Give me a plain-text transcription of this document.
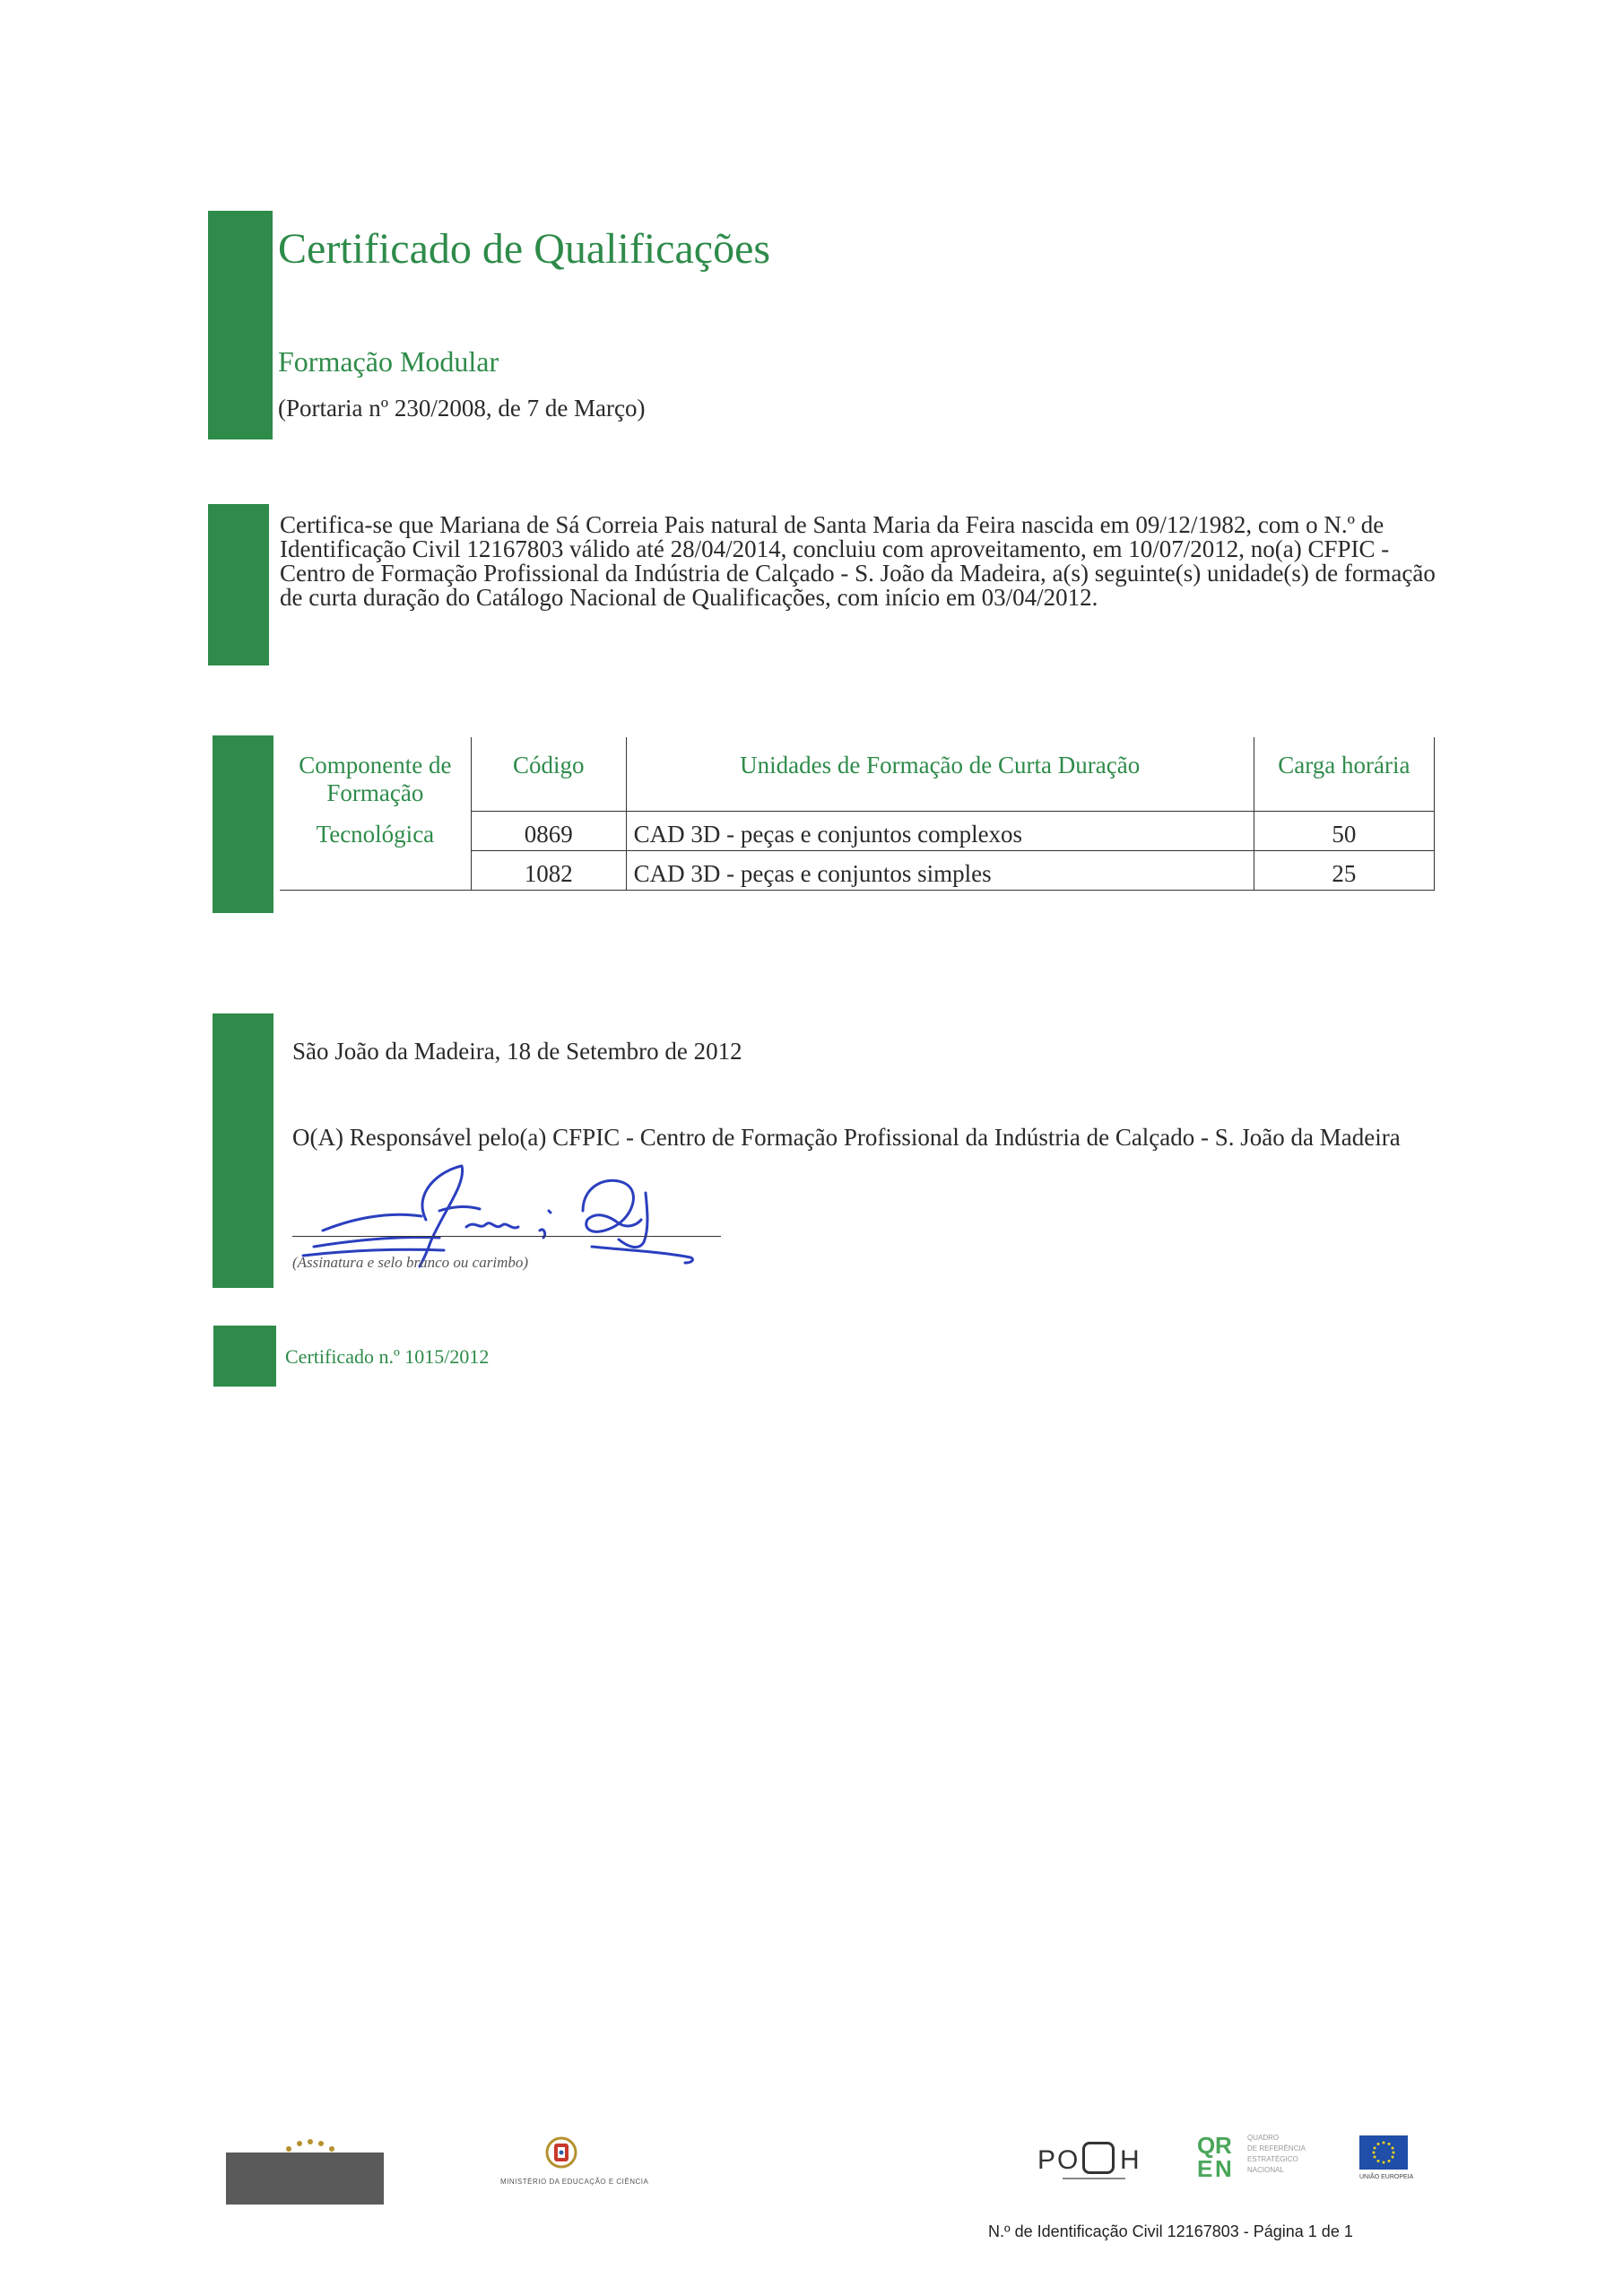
Certificado de Qualificações
Formação Modular
(Portaria nº 230/2008, de 7 de Março)
Certifica-se que Mariana de Sá Correia Pais natural de Santa Maria da Feira nascida em 09/12/1982, com o N.º de Identificação Civil 12167803 válido até 28/04/2014, concluiu com aproveitamento, em 10/07/2012, no(a) CFPIC - Centro de Formação Profissional da Indústria de Calçado - S. João da Madeira, a(s) seguinte(s) unidade(s) de formação de curta duração do Catálogo Nacional de Qualificações, com início em 03/04/2012.
Componente de Formação	Código	Unidades de Formação de Curta Duração	Carga horária
Tecnológica	0869	CAD 3D - peças e conjuntos complexos	50
	1082	CAD 3D - peças e conjuntos simples	25
São João da Madeira, 18 de Setembro de 2012
O(A) Responsável pelo(a) CFPIC - Centro de Formação Profissional da Indústria de Calçado - S. João da Madeira
(Assinatura e selo branco ou carimbo)
Certificado n.º 1015/2012
MINISTÉRIO DA EDUCAÇÃO E CIÊNCIA
PO H Q R
E N
QUADRO
DE REFERÊNCIA
ESTRATÉGICO
NACIONAL
UNIÃO EUROPEIA
N.º de Identificação Civil 12167803 - Página 1 de 1
